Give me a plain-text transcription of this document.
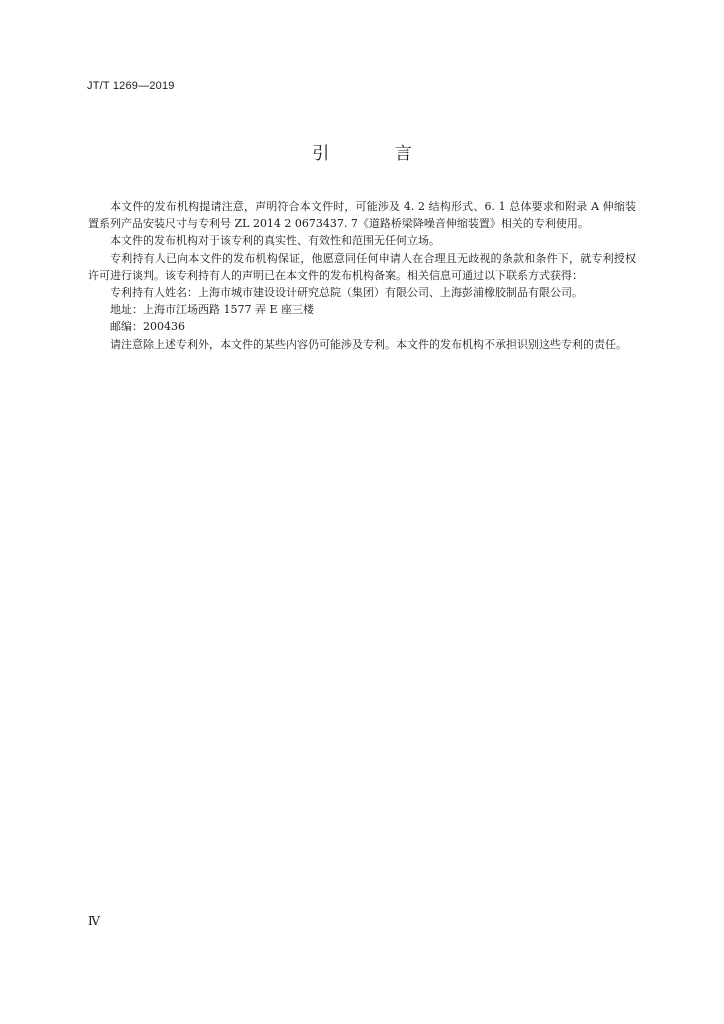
JT/T 1269—2019
引 言

本文件的发布机构提请注意，声明符合本文件时，可能涉及 4. 2 结构形式、6. 1 总体要求和附录 A 伸缩装置系列产品安装尺寸与专利号 ZL 2014 2 0673437. 7《道路桥梁降噪音伸缩装置》相关的专利使用。

本文件的发布机构对于该专利的真实性、有效性和范围无任何立场。

专利持有人已向本文件的发布机构保证，他愿意同任何申请人在合理且无歧视的条款和条件下，就专利授权许可进行谈判。该专利持有人的声明已在本文件的发布机构备案。相关信息可通过以下联系方式获得：

专利持有人姓名：上海市城市建设设计研究总院（集团）有限公司、上海彭浦橡胶制品有限公司。

地址：上海市江场西路 1577 弄 E 座三楼

邮编：200436

请注意除上述专利外，本文件的某些内容仍可能涉及专利。本文件的发布机构不承担识别这些专利的责任。

Ⅳ
